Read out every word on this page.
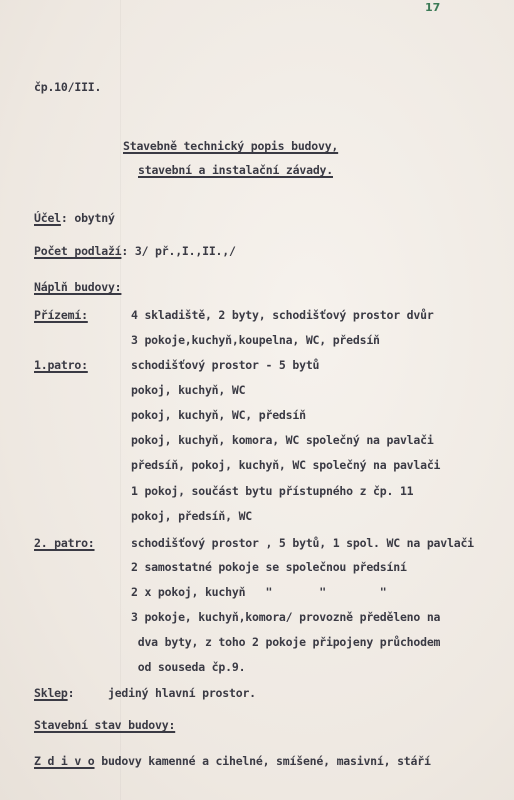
17
čp.10/III.
Stavebně technický popis budovy,
stavební a instalační závady.
Účel: obytný
Počet podlaží: 3/ př.,I.,II.,/
Náplň budovy:
Přízemí:	4 skladiště, 2 byty, schodišťový prostor dvůr
3 pokoje,kuchyň,koupelna, WC, předsíň
1.patro:	schodišťový prostor - 5 bytů
pokoj, kuchyň, WC
pokoj, kuchyň, WC, předsíň
pokoj, kuchyň, komora, WC společný na pavlači
předsíň, pokoj, kuchyň, WC společný na pavlači
1 pokoj, součást bytu přístupného z čp. 11
pokoj, předsíň, WC
2. patro:	schodišťový prostor , 5 bytů, 1 spol. WC na pavlači
2 samostatné pokoje se společnou předsíní
2 x pokoj, kuchyň   "       "        "
3 pokoje, kuchyň,komora/ provozně předěleno na
dva byty, z toho 2 pokoje připojeny průchodem
od souseda čp.9.
Sklep:     jediný hlavní prostor.
Stavební stav budovy:
Z d i v o budovy kamenné a cihelné, smíšené, masivní, stáří
